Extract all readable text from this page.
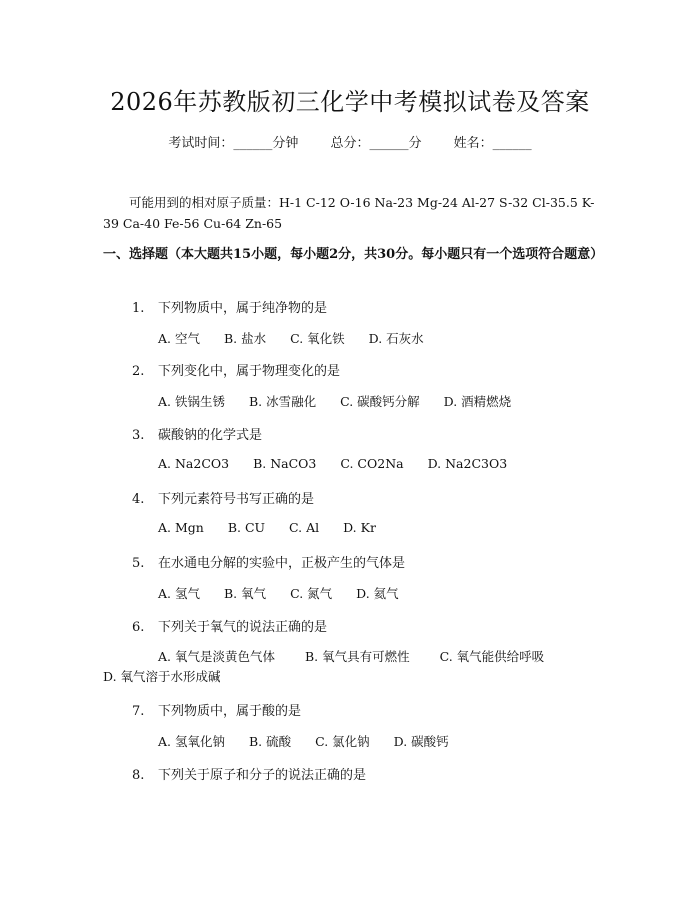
2026年苏教版初三化学中考模拟试卷及答案
考试时间：______分钟 总分：______分 姓名：______
可能用到的相对原子质量：H-1 C-12 O-16 Na-23 Mg-24 Al-27 S-32 Cl-35.5 K-39 Ca-40 Fe-56 Cu-64 Zn-65
一、选择题（本大题共15小题，每小题2分，共30分。每小题只有一个选项符合题意）
1. 下列物质中，属于纯净物的是
A. 空气 B. 盐水 C. 氧化铁 D. 石灰水
2. 下列变化中，属于物理变化的是
A. 铁锅生锈 B. 冰雪融化 C. 碳酸钙分解 D. 酒精燃烧
3. 碳酸钠的化学式是
A. Na2CO3 B. NaCO3 C. CO2Na D. Na2C3O3
4. 下列元素符号书写正确的是
A. Mgn B. CU C. Al D. Kr
5. 在水通电分解的实验中，正极产生的气体是
A. 氢气 B. 氧气 C. 氮气 D. 氦气
6. 下列关于氧气的说法正确的是
A. 氧气是淡黄色气体 B. 氧气具有可燃性 C. 氧气能供给呼吸
D. 氧气溶于水形成碱
7. 下列物质中，属于酸的是
A. 氢氧化钠 B. 硫酸 C. 氯化钠 D. 碳酸钙
8. 下列关于原子和分子的说法正确的是
